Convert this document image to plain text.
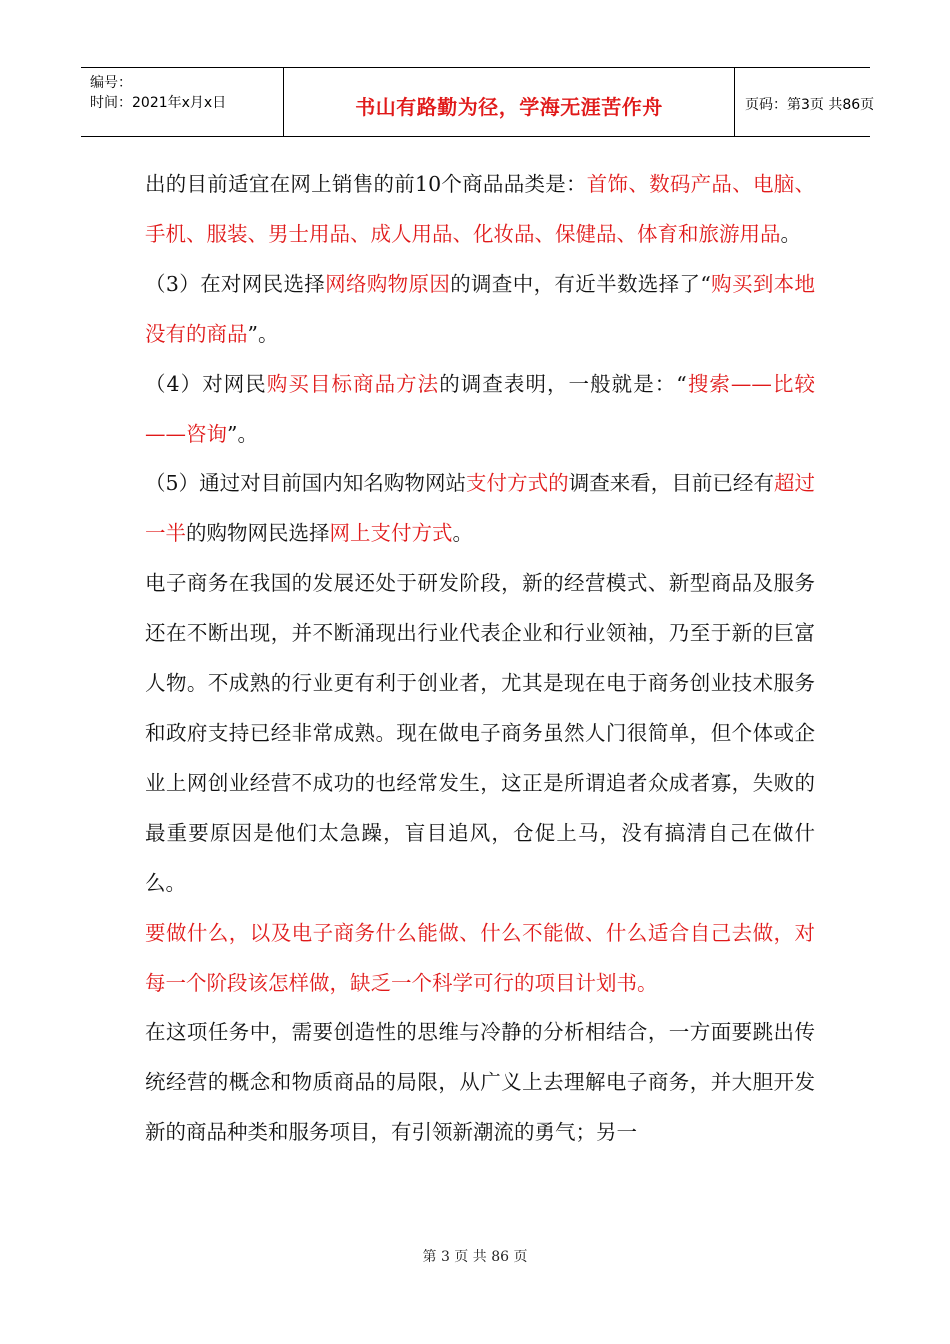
编号：
时间：2021年x月x日	书山有路勤为径，学海无涯苦作舟	页码：第3页 共86页

出的目前适宜在网上销售的前10个商品品类是：首饰、数码产品、电脑、手机、服装、男士用品、成人用品、化妆品、保健品、体育和旅游用品。

（3）在对网民选择网络购物原因的调查中，有近半数选择了“购买到本地没有的商品”。

（4）对网民购买目标商品方法的调查表明，一般就是：“搜索——比较——咨询”。

（5）通过对目前国内知名购物网站支付方式的调查来看，目前已经有超过一半的购物网民选择网上支付方式。

电子商务在我国的发展还处于研发阶段，新的经营模式、新型商品及服务还在不断出现，并不断涌现出行业代表企业和行业领袖，乃至于新的巨富人物。不成熟的行业更有利于创业者，尤其是现在电于商务创业技术服务和政府支持已经非常成熟。现在做电子商务虽然人门很简单，但个体或企业上网创业经营不成功的也经常发生，这正是所谓追者众成者寡，失败的最重要原因是他们太急躁，盲目追风，仓促上马，没有搞清自己在做什么。

要做什么，以及电子商务什么能做、什么不能做、什么适合自己去做，对每一个阶段该怎样做，缺乏一个科学可行的项目计划书。

在这项任务中，需要创造性的思维与冷静的分析相结合，一方面要跳出传统经营的概念和物质商品的局限，从广义上去理解电子商务，并大胆开发新的商品种类和服务项目，有引领新潮流的勇气；另一

第 3 页 共 86 页
